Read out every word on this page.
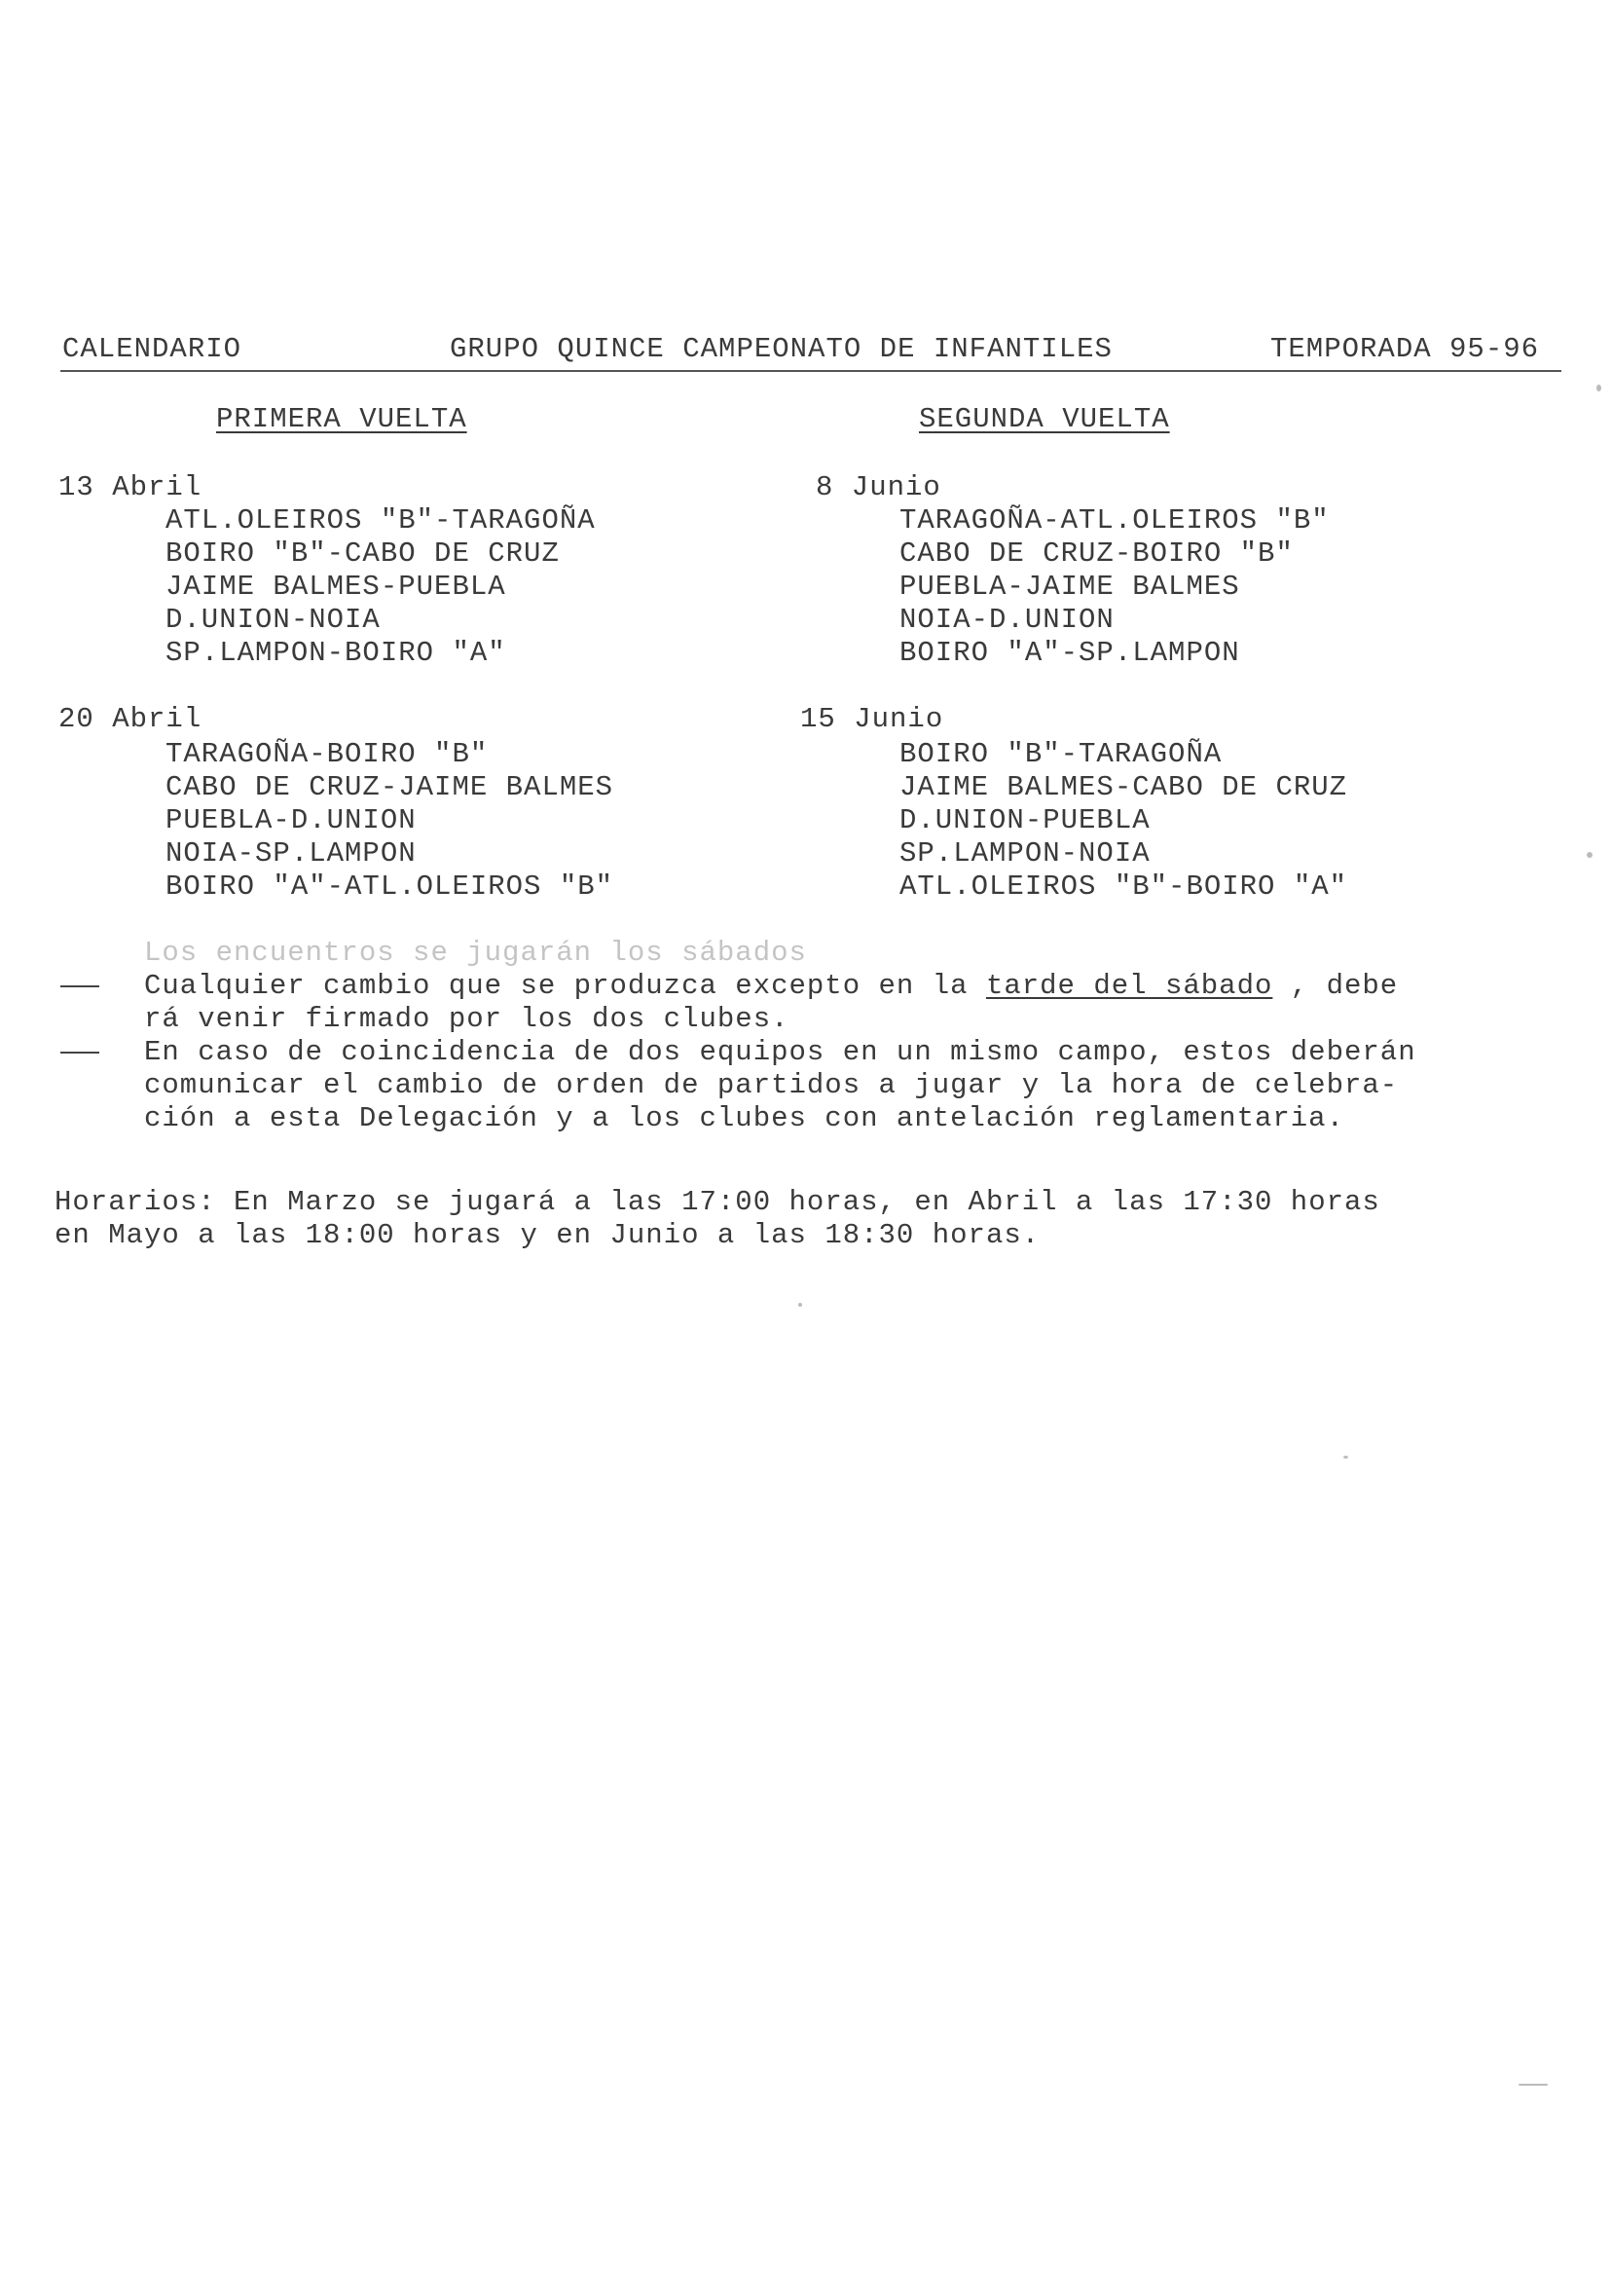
CALENDARIO	GRUPO QUINCE CAMPEONATO DE INFANTILES	TEMPORADA 95-96
PRIMERA VUELTA	SEGUNDA VUELTA
13 Abril
ATL.OLEIROS "B"-TARAGOÑA
BOIRO "B"-CABO DE CRUZ
JAIME BALMES-PUEBLA
D.UNION-NOIA
SP.LAMPON-BOIRO "A"
20 Abril
TARAGOÑA-BOIRO "B"
CABO DE CRUZ-JAIME BALMES
PUEBLA-D.UNION
NOIA-SP.LAMPON
BOIRO "A"-ATL.OLEIROS "B"
8 Junio
TARAGOÑA-ATL.OLEIROS "B"
CABO DE CRUZ-BOIRO "B"
PUEBLA-JAIME BALMES
NOIA-D.UNION
BOIRO "A"-SP.LAMPON
15 Junio
BOIRO "B"-TARAGOÑA
JAIME BALMES-CABO DE CRUZ
D.UNION-PUEBLA
SP.LAMPON-NOIA
ATL.OLEIROS "B"-BOIRO "A"
Los encuentros se jugarán los sábados
Cualquier cambio que se produzca excepto en la tarde del sábado , debe
rá venir firmado por los dos clubes.
En caso de coincidencia de dos equipos en un mismo campo, estos deberán
comunicar el cambio de orden de partidos a jugar y la hora de celebra-
ción a esta Delegación y a los clubes con antelación reglamentaria.
Horarios: En Marzo se jugará a las 17:00 horas, en Abril a las 17:30 horas
en Mayo a las 18:00 horas y en Junio a las 18:30 horas.
